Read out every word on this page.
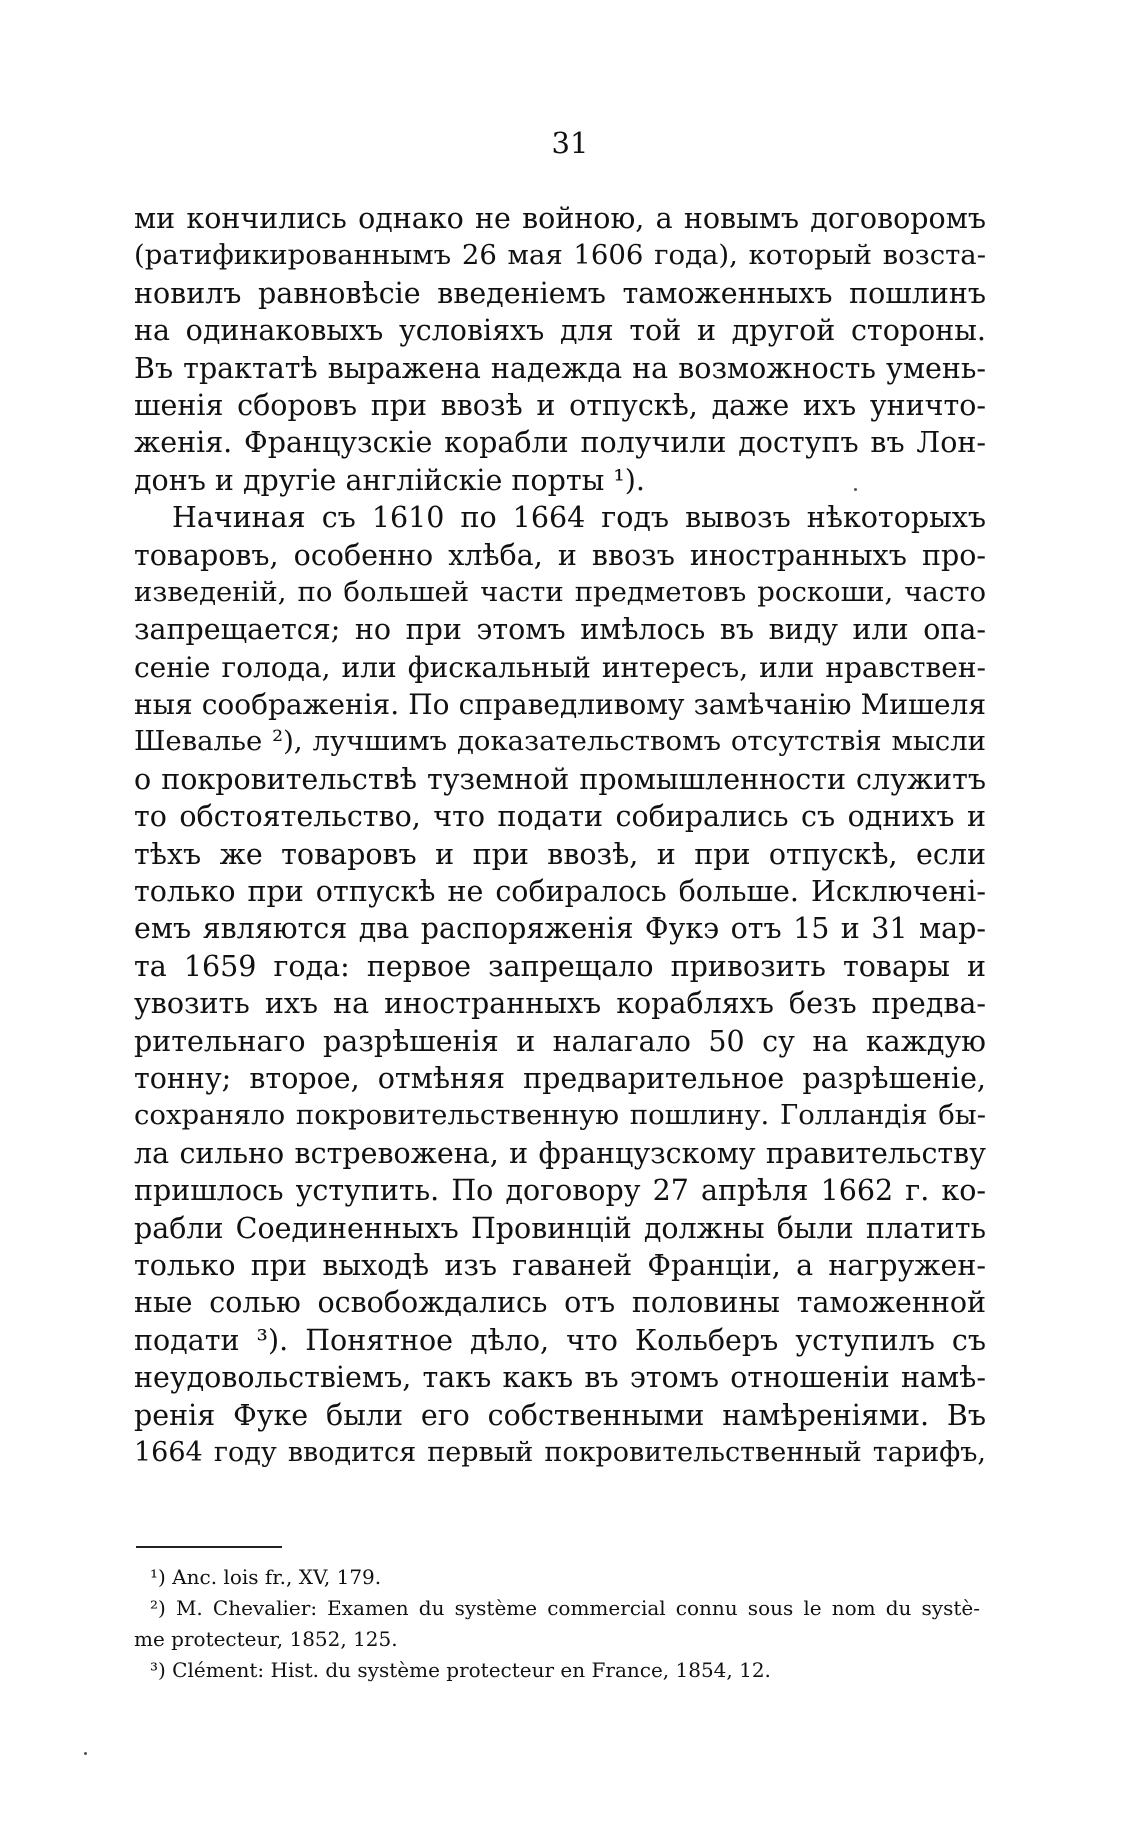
31
ми кончились однако не войною, а новымъ договоромъ
(ратификированнымъ 26 мая 1606 года), который возста-
новилъ равновѣсіе введеніемъ таможенныхъ пошлинъ
на одинаковыхъ условіяхъ для той и другой стороны.
Въ трактатѣ выражена надежда на возможность умень-
шенія сборовъ при ввозѣ и отпускѣ, даже ихъ уничто-
женія. Французскіе корабли получили доступъ въ Лон-
донъ и другіе англійскіе порты ¹).
Начиная съ 1610 по 1664 годъ вывозъ нѣкоторыхъ
товаровъ, особенно хлѣба, и ввозъ иностранныхъ про-
изведеній, по большей части предметовъ роскоши, часто
запрещается; но при этомъ имѣлось въ виду или опа-
сеніе голода, или фискальный интересъ, или нравствен-
ныя соображенія. По справедливому замѣчанію Мишеля
Шевалье ²), лучшимъ доказательствомъ отсутствія мысли
о покровительствѣ туземной промышленности служитъ
то обстоятельство, что подати собирались съ однихъ и
тѣхъ же товаровъ и при ввозѣ, и при отпускѣ, если
только при отпускѣ не собиралось больше. Исключені-
емъ являются два распоряженія Фукэ отъ 15 и 31 мар-
та 1659 года: первое запрещало привозить товары и
увозить ихъ на иностранныхъ корабляхъ безъ предва-
рительнаго разрѣшенія и налагало 50 су на каждую
тонну; второе, отмѣняя предварительное разрѣшеніе,
сохраняло покровительственную пошлину. Голландія бы-
ла сильно встревожена, и французскому правительству
пришлось уступить. По договору 27 апрѣля 1662 г. ко-
рабли Соединенныхъ Провинцій должны были платить
только при выходѣ изъ гаваней Франціи, а нагружен-
ные солью освобождались отъ половины таможенной
подати ³). Понятное дѣло, что Кольберъ уступилъ съ
неудовольствіемъ, такъ какъ въ этомъ отношеніи намѣ-
ренія Фуке были его собственными намѣреніями. Въ
1664 году вводится первый покровительственный тарифъ,
¹) Anc. lois fr., XV, 179.
²) M. Chevalier: Examen du système commercial connu sous le nom du systè-
me protecteur, 1852, 125.
³) Clément: Hist. du système protecteur en France, 1854, 12.
